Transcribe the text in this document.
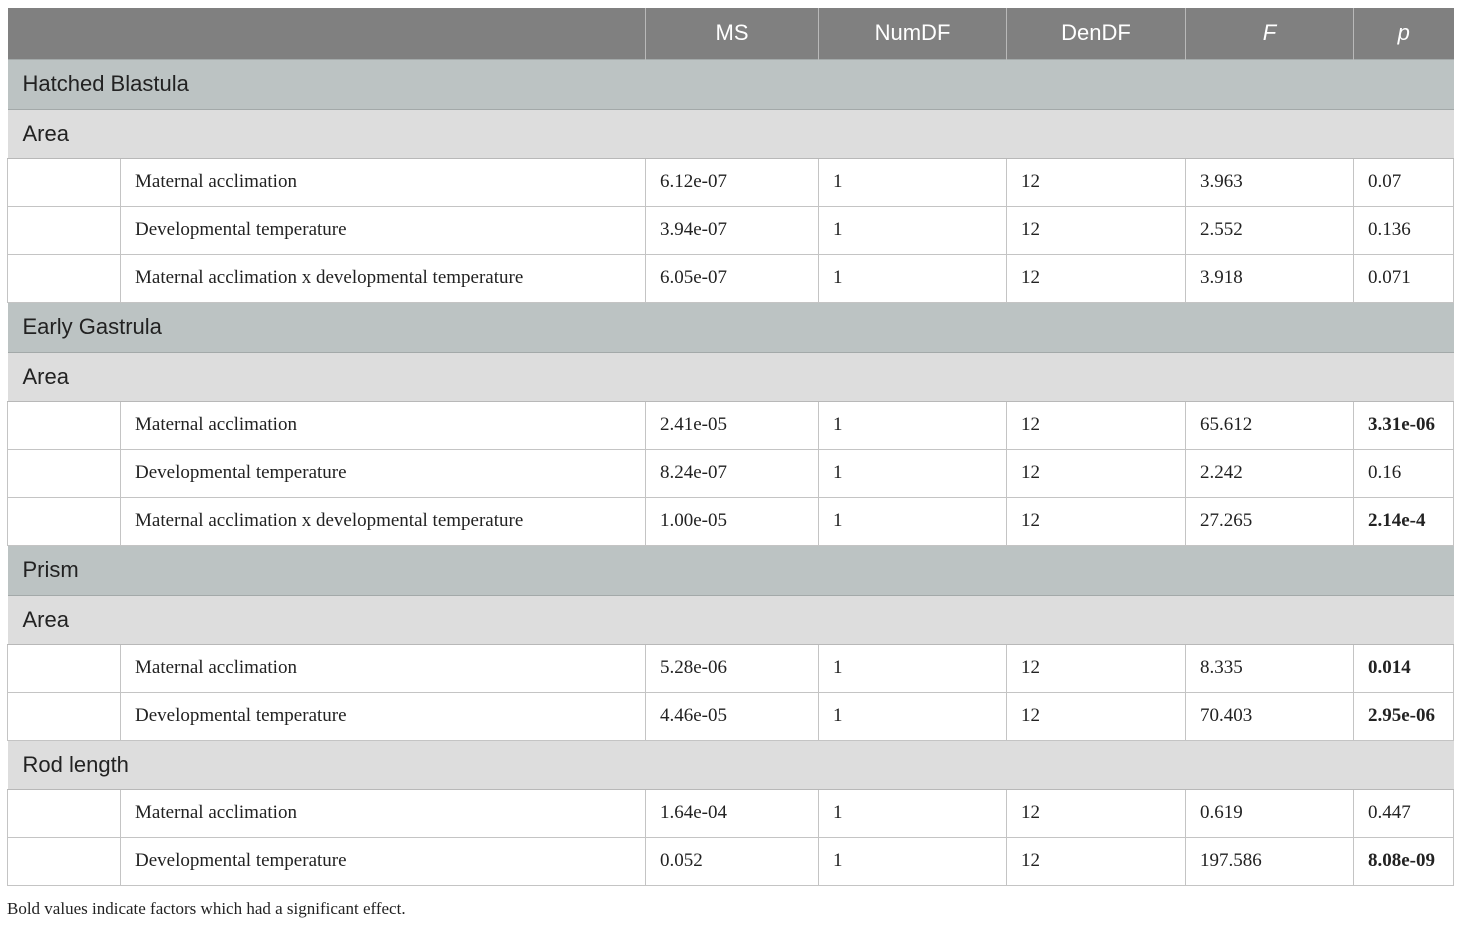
		MS	NumDF	DenDF	F	p
Hatched Blastula						
Area						
	Maternal acclimation	6.12e-07	1	12	3.963	0.07
	Developmental temperature	3.94e-07	1	12	2.552	0.136
	Maternal acclimation x developmental temperature	6.05e-07	1	12	3.918	0.071
Early Gastrula						
Area						
	Maternal acclimation	2.41e-05	1	12	65.612	3.31e-06
	Developmental temperature	8.24e-07	1	12	2.242	0.16
	Maternal acclimation x developmental temperature	1.00e-05	1	12	27.265	2.14e-4
Prism						
Area						
	Maternal acclimation	5.28e-06	1	12	8.335	0.014
	Developmental temperature	4.46e-05	1	12	70.403	2.95e-06
Rod length						
	Maternal acclimation	1.64e-04	1	12	0.619	0.447
	Developmental temperature	0.052	1	12	197.586	8.08e-09
Bold values indicate factors which had a significant effect.
